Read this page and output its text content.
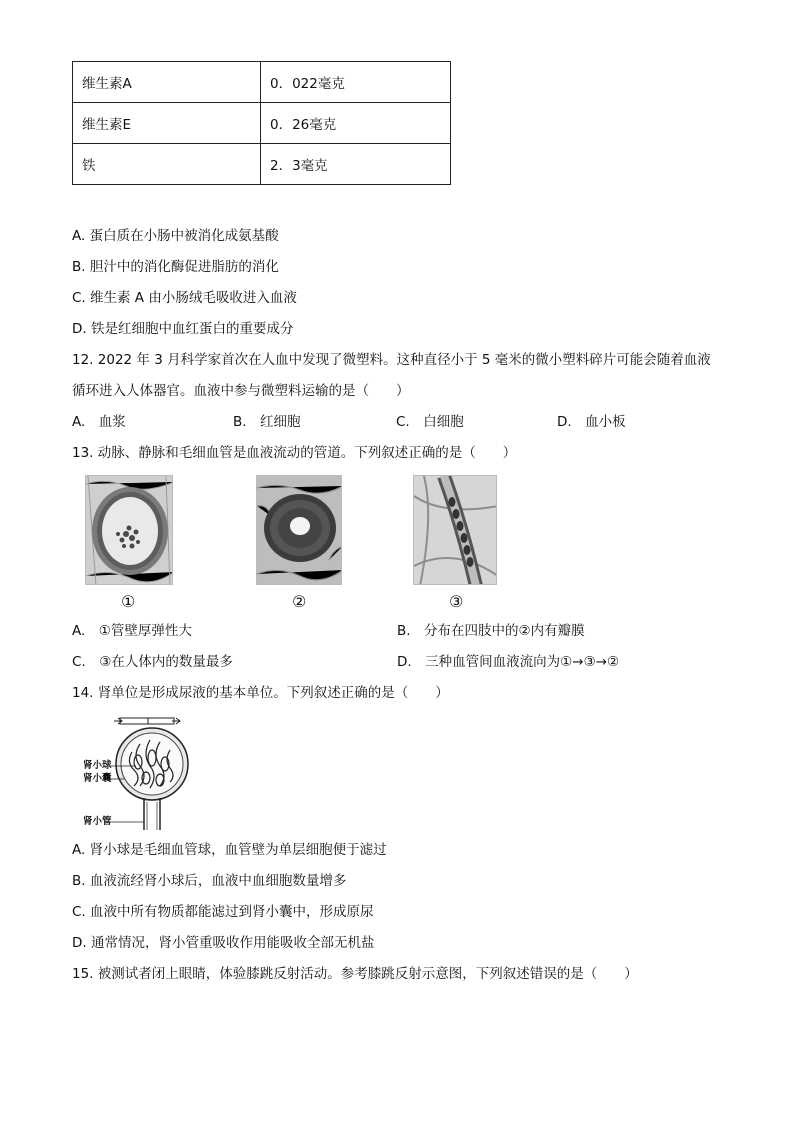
维生素A	0．022毫克
维生素E	0．26毫克
铁	2．3毫克
A. 蛋白质在小肠中被消化成氨基酸
B. 胆汁中的消化酶促进脂肪的消化
C. 维生素 A 由小肠绒毛吸收进入血液
D. 铁是红细胞中血红蛋白的重要成分
12. 2022 年 3 月科学家首次在人血中发现了微塑料。这种直径小于 5 毫米的微小塑料碎片可能会随着血液
循环进入人体器官。血液中参与微塑料运输的是（　　）
A.　血浆	B.　红细胞	C.　白细胞	D.　血小板
13. 动脉、静脉和毛细血管是血液流动的管道。下列叙述正确的是（　　）
①	②	③
A.　①管壁厚弹性大	B.　分布在四肢中的②内有瓣膜
C.　③在人体内的数量最多	D.　三种血管间血液流向为①→③→②
14. 肾单位是形成尿液的基本单位。下列叙述正确的是（　　）
肾小球
肾小囊
肾小管
A. 肾小球是毛细血管球，血管壁为单层细胞便于滤过
B. 血液流经肾小球后，血液中血细胞数量增多
C. 血液中所有物质都能滤过到肾小囊中，形成原尿
D. 通常情况，肾小管重吸收作用能吸收全部无机盐
15. 被测试者闭上眼睛，体验膝跳反射活动。参考膝跳反射示意图，下列叙述错误的是（　　）
